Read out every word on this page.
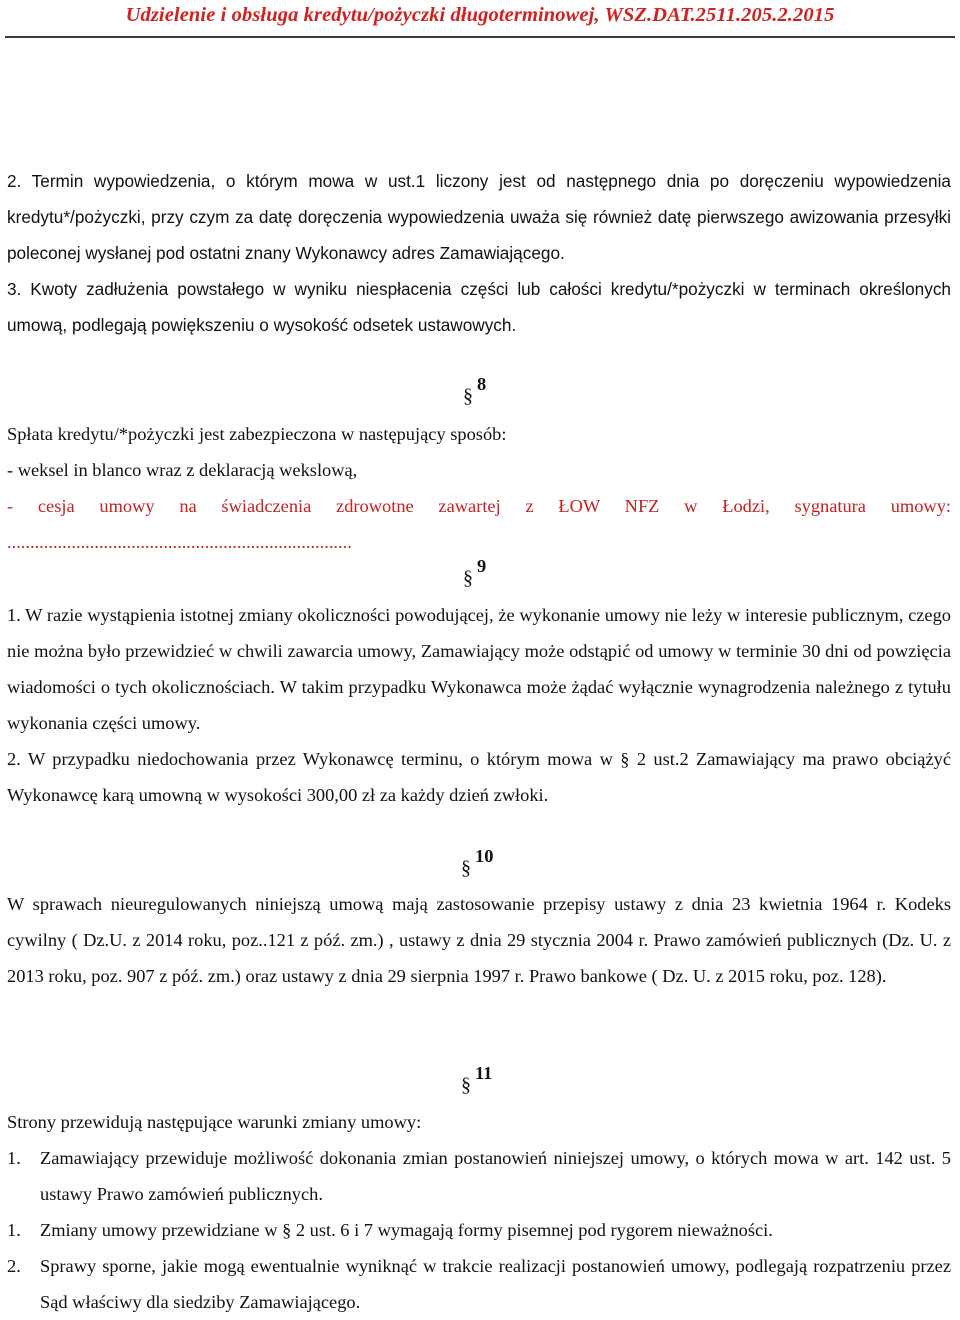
Udzielenie i obsługa kredytu/pożyczki długoterminowej, WSZ.DAT.2511.205.2.2015

2. Termin wypowiedzenia, o którym mowa w ust.1 liczony jest od następnego dnia po doręczeniu wypowiedzenia kredytu*/pożyczki, przy czym za datę doręczenia wypowiedzenia uważa się również datę pierwszego awizowania przesyłki poleconej wysłanej pod ostatni znany Wykonawcy adres Zamawiającego.

3. Kwoty zadłużenia powstałego w wyniku niespłacenia części lub całości kredytu/*pożyczki w terminach określonych umową, podlegają powiększeniu o wysokość odsetek ustawowych.

§8

Spłata kredytu/*pożyczki jest zabezpieczona w następujący sposób:

- weksel in blanco wraz z deklaracją wekslową,

- cesja umowy na świadczenia zdrowotne zawartej z ŁOW NFZ w Łodzi, sygnatura umowy: ...........................................................................

§9

1. W razie wystąpienia istotnej zmiany okoliczności powodującej, że wykonanie umowy nie leży w interesie publicznym, czego nie można było przewidzieć w chwili zawarcia umowy, Zamawiający może odstąpić od umowy w terminie 30 dni od powzięcia wiadomości o tych okolicznościach. W takim przypadku Wykonawca może żądać wyłącznie wynagrodzenia należnego z tytułu wykonania części umowy.

2. W przypadku niedochowania przez Wykonawcę terminu, o którym mowa w § 2 ust.2 Zamawiający ma prawo obciążyć Wykonawcę karą umowną w wysokości 300,00 zł za każdy dzień zwłoki.

§10

W sprawach nieuregulowanych niniejszą umową mają zastosowanie przepisy ustawy z dnia 23 kwietnia 1964 r. Kodeks cywilny ( Dz.U. z 2014 roku, poz..121 z póź. zm.) , ustawy z dnia 29 stycznia 2004 r. Prawo zamówień publicznych (Dz. U. z 2013 roku, poz. 907 z póź. zm.) oraz ustawy z dnia 29 sierpnia 1997 r. Prawo bankowe ( Dz. U. z 2015 roku, poz. 128).

§11

Strony przewidują następujące warunki zmiany umowy:

1. Zamawiający przewiduje możliwość dokonania zmian postanowień niniejszej umowy, o których mowa w art. 142 ust. 5 ustawy Prawo zamówień publicznych.
1. Zmiany umowy przewidziane w § 2 ust. 6 i 7 wymagają formy pisemnej pod rygorem nieważności.
2. Sprawy sporne, jakie mogą ewentualnie wyniknąć w trakcie realizacji postanowień umowy, podlegają rozpatrzeniu przez Sąd właściwy dla siedziby Zamawiającego.
